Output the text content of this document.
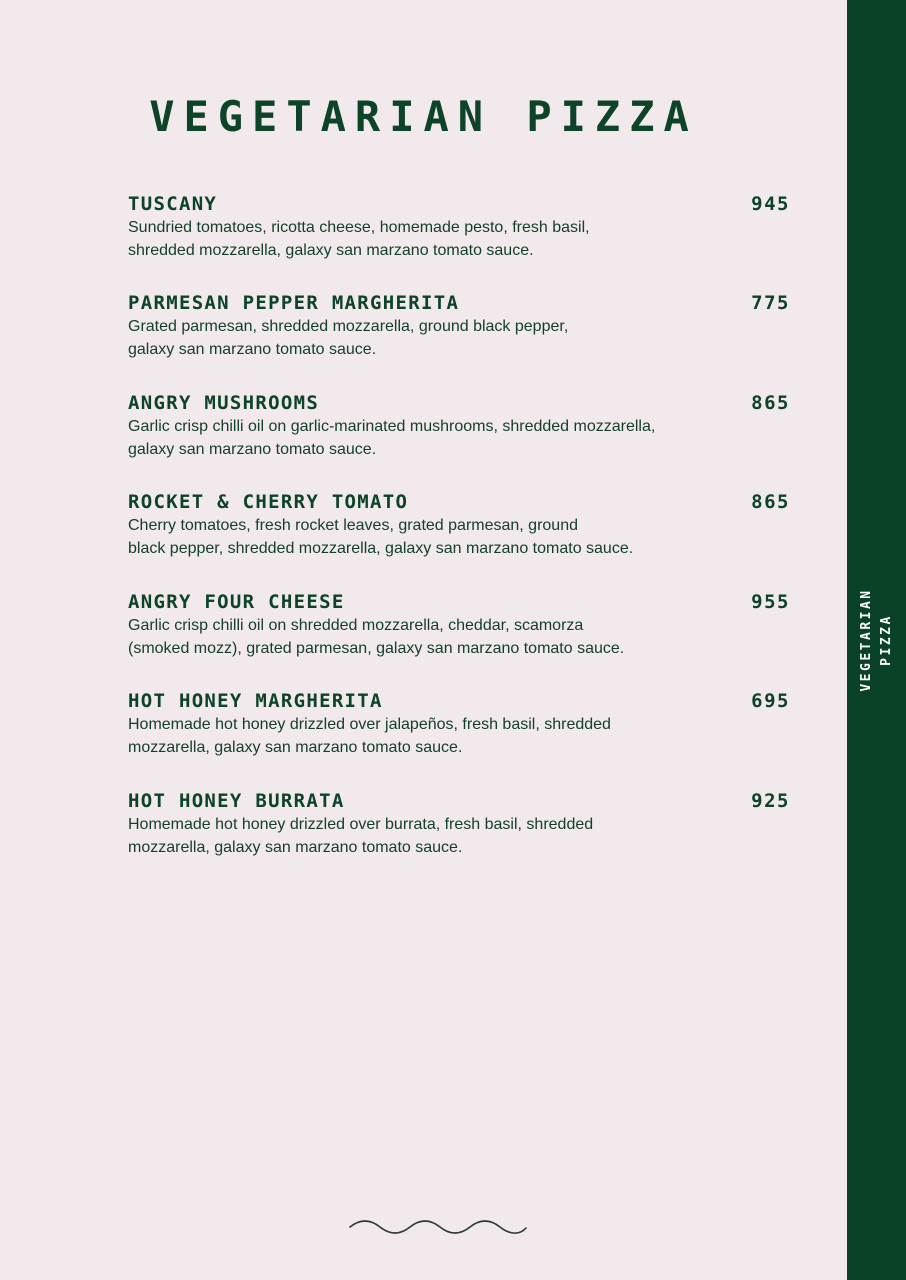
VEGETARIAN PIZZA
TUSCANY	945
Sundried tomatoes, ricotta cheese, homemade pesto, fresh basil,
shredded mozzarella, galaxy san marzano tomato sauce.
PARMESAN PEPPER MARGHERITA	775
Grated parmesan, shredded mozzarella, ground black pepper,
galaxy san marzano tomato sauce.
ANGRY MUSHROOMS	865
Garlic crisp chilli oil on garlic-marinated mushrooms, shredded mozzarella,
galaxy san marzano tomato sauce.
ROCKET & CHERRY TOMATO	865
Cherry tomatoes, fresh rocket leaves, grated parmesan, ground
black pepper, shredded mozzarella, galaxy san marzano tomato sauce.
ANGRY FOUR CHEESE	955
Garlic crisp chilli oil on shredded mozzarella, cheddar, scamorza
(smoked mozz), grated parmesan, galaxy san marzano tomato sauce.
HOT HONEY MARGHERITA	695
Homemade hot honey drizzled over jalapeños, fresh basil, shredded
mozzarella, galaxy san marzano tomato sauce.
HOT HONEY BURRATA	925
Homemade hot honey drizzled over burrata, fresh basil, shredded
mozzarella, galaxy san marzano tomato sauce.
VEGETARIAN PIZZA
